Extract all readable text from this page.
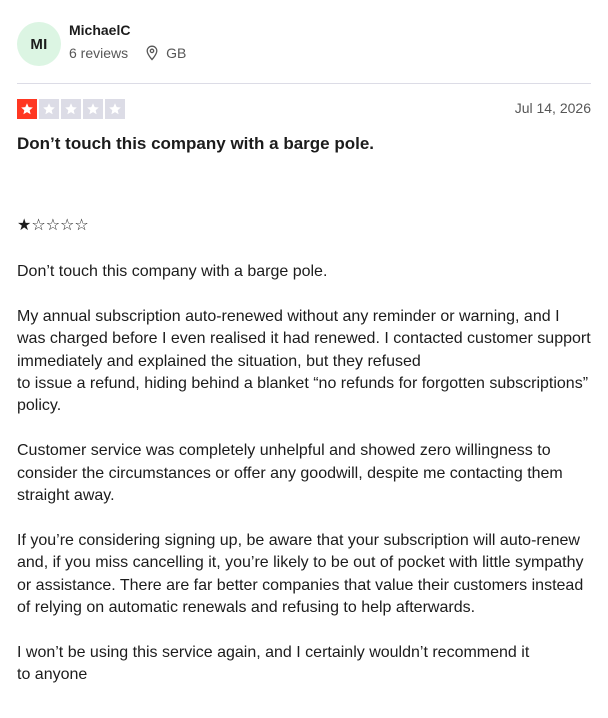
MI
MichaelC
6 reviews	GB
Jul 14, 2026
Don’t touch this company with a barge pole.
★☆☆☆☆

Don’t touch this company with a barge pole.

My annual subscription auto-renewed without any reminder or warning, and I was charged before I even realised it had renewed. I contacted customer support immediately and explained the situation, but they refused
to issue a refund, hiding behind a blanket “no refunds for forgotten subscriptions” policy.

Customer service was completely unhelpful and showed zero willingness to consider the circumstances or offer any goodwill, despite me contacting them straight away.

If you’re considering signing up, be aware that your subscription will auto-renew and, if you miss cancelling it, you’re likely to be out of pocket with little sympathy or assistance. There are far better companies that value their customers instead of relying on automatic renewals and refusing to help afterwards.

I won’t be using this service again, and I certainly wouldn’t recommend it
to anyone
